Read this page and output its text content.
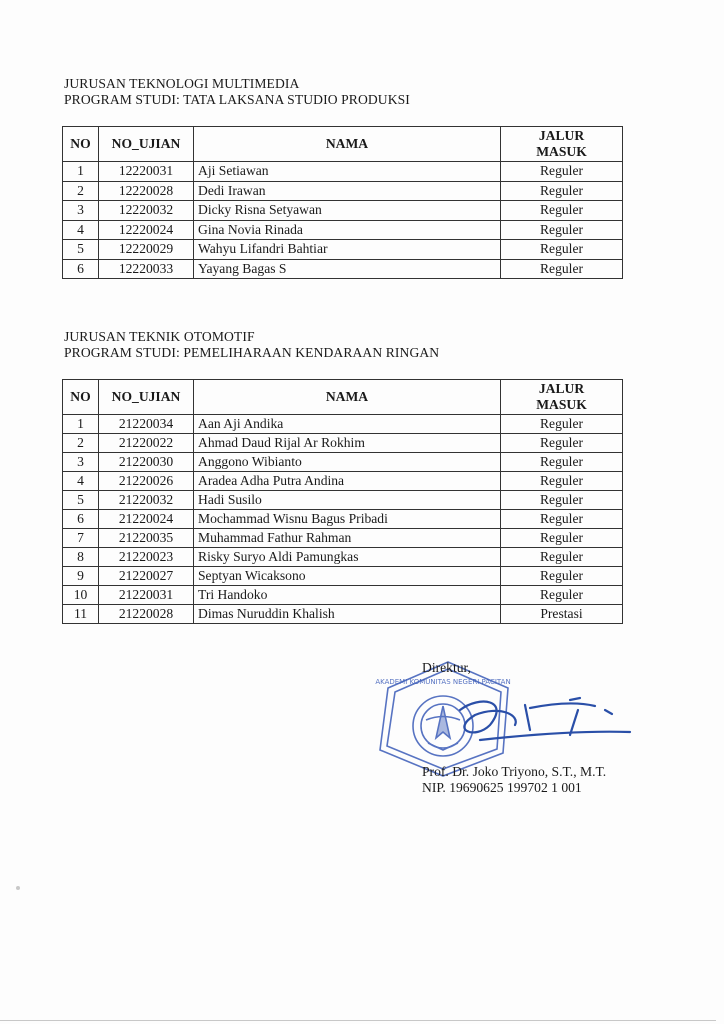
JURUSAN TEKNOLOGI MULTIMEDIA
PROGRAM STUDI: TATA LAKSANA STUDIO PRODUKSI
NO	NO_UJIAN	NAMA	JALUR
MASUK
1	12220031	Aji Setiawan	Reguler
2	12220028	Dedi Irawan	Reguler
3	12220032	Dicky Risna Setyawan	Reguler
4	12220024	Gina Novia Rinada	Reguler
5	12220029	Wahyu Lifandri Bahtiar	Reguler
6	12220033	Yayang Bagas S	Reguler
JURUSAN TEKNIK OTOMOTIF
PROGRAM STUDI: PEMELIHARAAN KENDARAAN RINGAN
NO	NO_UJIAN	NAMA	JALUR
MASUK
1	21220034	Aan Aji Andika	Reguler
2	21220022	Ahmad Daud Rijal Ar Rokhim	Reguler
3	21220030	Anggono Wibianto	Reguler
4	21220026	Aradea Adha Putra Andina	Reguler
5	21220032	Hadi Susilo	Reguler
6	21220024	Mochammad Wisnu Bagus Pribadi	Reguler
7	21220035	Muhammad Fathur Rahman	Reguler
8	21220023	Risky Suryo Aldi Pamungkas	Reguler
9	21220027	Septyan Wicaksono	Reguler
10	21220031	Tri Handoko	Reguler
11	21220028	Dimas Nuruddin Khalish	Prestasi
AKADEMI KOMUNITAS NEGERI PACITAN
Direktur,
Prof. Dr. Joko Triyono, S.T., M.T.
NIP. 19690625 199702 1 001
